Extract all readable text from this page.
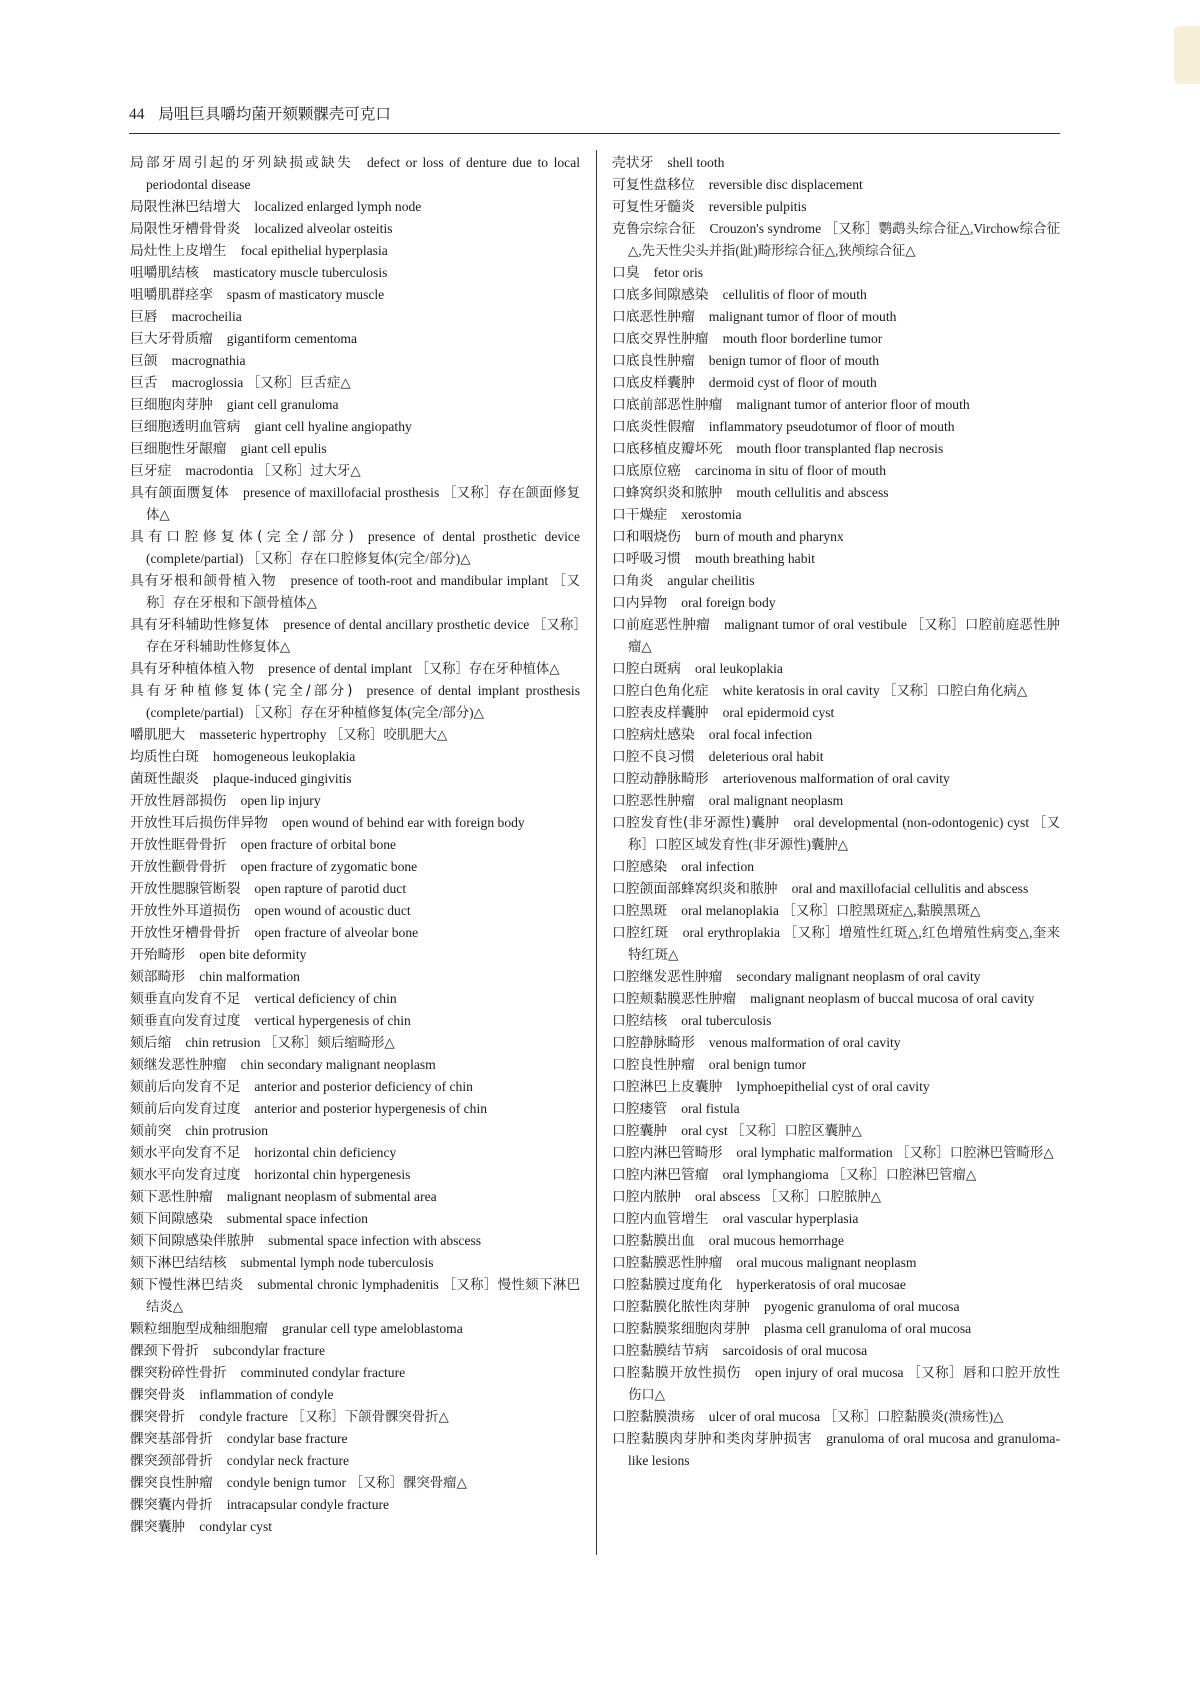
44 局咀巨具嚼均菌开颏颗髁壳可克口
局部牙周引起的牙列缺损或缺失 defect or loss of denture due to local periodontal disease
局限性淋巴结增大 localized enlarged lymph node
局限性牙槽骨骨炎 localized alveolar osteitis
局灶性上皮增生 focal epithelial hyperplasia
咀嚼肌结核 masticatory muscle tuberculosis
咀嚼肌群痉挛 spasm of masticatory muscle
巨唇 macrocheilia
巨大牙骨质瘤 gigantiform cementoma
巨颌 macrognathia
巨舌 macroglossia ［又称］巨舌症△
巨细胞肉芽肿 giant cell granuloma
巨细胞透明血管病 giant cell hyaline angiopathy
巨细胞性牙龈瘤 giant cell epulis
巨牙症 macrodontia ［又称］过大牙△
具有颌面赝复体 presence of maxillofacial prosthesis ［又称］存在颌面修复体△
具有口腔修复体(完全/部分) presence of dental prosthetic device (complete/partial) ［又称］存在口腔修复体(完全/部分)△
具有牙根和颌骨植入物 presence of tooth-root and mandibular implant ［又称］存在牙根和下颌骨植体△
具有牙科辅助性修复体 presence of dental ancillary prosthetic device ［又称］存在牙科辅助性修复体△
具有牙种植体植入物 presence of dental implant ［又称］存在牙种植体△
具有牙种植修复体(完全/部分) presence of dental implant prosthesis (complete/partial) ［又称］存在牙种植修复体(完全/部分)△
嚼肌肥大 masseteric hypertrophy ［又称］咬肌肥大△
均质性白斑 homogeneous leukoplakia
菌斑性龈炎 plaque-induced gingivitis
开放性唇部损伤 open lip injury
开放性耳后损伤伴异物 open wound of behind ear with foreign body
开放性眶骨骨折 open fracture of orbital bone
开放性颧骨骨折 open fracture of zygomatic bone
开放性腮腺管断裂 open rapture of parotid duct
开放性外耳道损伤 open wound of acoustic duct
开放性牙槽骨骨折 open fracture of alveolar bone
开殆畸形 open bite deformity
颏部畸形 chin malformation
颏垂直向发育不足 vertical deficiency of chin
颏垂直向发育过度 vertical hypergenesis of chin
颏后缩 chin retrusion ［又称］颏后缩畸形△
颏继发恶性肿瘤 chin secondary malignant neoplasm
颏前后向发育不足 anterior and posterior deficiency of chin
颏前后向发育过度 anterior and posterior hypergenesis of chin
颏前突 chin protrusion
颏水平向发育不足 horizontal chin deficiency
颏水平向发育过度 horizontal chin hypergenesis
颏下恶性肿瘤 malignant neoplasm of submental area
颏下间隙感染 submental space infection
颏下间隙感染伴脓肿 submental space infection with abscess
颏下淋巴结结核 submental lymph node tuberculosis
颏下慢性淋巴结炎 submental chronic lymphadenitis ［又称］慢性颏下淋巴结炎△
颗粒细胞型成釉细胞瘤 granular cell type ameloblastoma
髁颈下骨折 subcondylar fracture
髁突粉碎性骨折 comminuted condylar fracture
髁突骨炎 inflammation of condyle
髁突骨折 condyle fracture ［又称］下颌骨髁突骨折△
髁突基部骨折 condylar base fracture
髁突颈部骨折 condylar neck fracture
髁突良性肿瘤 condyle benign tumor ［又称］髁突骨瘤△
髁突囊内骨折 intracapsular condyle fracture
髁突囊肿 condylar cyst
壳状牙 shell tooth
可复性盘移位 reversible disc displacement
可复性牙髓炎 reversible pulpitis
克鲁宗综合征 Crouzon's syndrome ［又称］鹦鹉头综合征△,Virchow综合征△,先天性尖头并指(趾)畸形综合征△,狭颅综合征△
口臭 fetor oris
口底多间隙感染 cellulitis of floor of mouth
口底恶性肿瘤 malignant tumor of floor of mouth
口底交界性肿瘤 mouth floor borderline tumor
口底良性肿瘤 benign tumor of floor of mouth
口底皮样囊肿 dermoid cyst of floor of mouth
口底前部恶性肿瘤 malignant tumor of anterior floor of mouth
口底炎性假瘤 inflammatory pseudotumor of floor of mouth
口底移植皮瓣坏死 mouth floor transplanted flap necrosis
口底原位癌 carcinoma in situ of floor of mouth
口蜂窝织炎和脓肿 mouth cellulitis and abscess
口干燥症 xerostomia
口和咽烧伤 burn of mouth and pharynx
口呼吸习惯 mouth breathing habit
口角炎 angular cheilitis
口内异物 oral foreign body
口前庭恶性肿瘤 malignant tumor of oral vestibule ［又称］口腔前庭恶性肿瘤△
口腔白斑病 oral leukoplakia
口腔白色角化症 white keratosis in oral cavity ［又称］口腔白角化病△
口腔表皮样囊肿 oral epidermoid cyst
口腔病灶感染 oral focal infection
口腔不良习惯 deleterious oral habit
口腔动静脉畸形 arteriovenous malformation of oral cavity
口腔恶性肿瘤 oral malignant neoplasm
口腔发育性(非牙源性)囊肿 oral developmental (non-odontogenic) cyst ［又称］口腔区域发育性(非牙源性)囊肿△
口腔感染 oral infection
口腔颌面部蜂窝织炎和脓肿 oral and maxillofacial cellulitis and abscess
口腔黑斑 oral melanoplakia ［又称］口腔黑斑症△,黏膜黑斑△
口腔红斑 oral erythroplakia ［又称］增殖性红斑△,红色增殖性病变△,奎来特红斑△
口腔继发恶性肿瘤 secondary malignant neoplasm of oral cavity
口腔颊黏膜恶性肿瘤 malignant neoplasm of buccal mucosa of oral cavity
口腔结核 oral tuberculosis
口腔静脉畸形 venous malformation of oral cavity
口腔良性肿瘤 oral benign tumor
口腔淋巴上皮囊肿 lymphoepithelial cyst of oral cavity
口腔瘘管 oral fistula
口腔囊肿 oral cyst ［又称］口腔区囊肿△
口腔内淋巴管畸形 oral lymphatic malformation ［又称］口腔淋巴管畸形△
口腔内淋巴管瘤 oral lymphangioma ［又称］口腔淋巴管瘤△
口腔内脓肿 oral abscess ［又称］口腔脓肿△
口腔内血管增生 oral vascular hyperplasia
口腔黏膜出血 oral mucous hemorrhage
口腔黏膜恶性肿瘤 oral mucous malignant neoplasm
口腔黏膜过度角化 hyperkeratosis of oral mucosae
口腔黏膜化脓性肉芽肿 pyogenic granuloma of oral mucosa
口腔黏膜浆细胞肉芽肿 plasma cell granuloma of oral mucosa
口腔黏膜结节病 sarcoidosis of oral mucosa
口腔黏膜开放性损伤 open injury of oral mucosa ［又称］唇和口腔开放性伤口△
口腔黏膜溃疡 ulcer of oral mucosa ［又称］口腔黏膜炎(溃疡性)△
口腔黏膜肉芽肿和类肉芽肿损害 granuloma of oral mucosa and granuloma-like lesions
